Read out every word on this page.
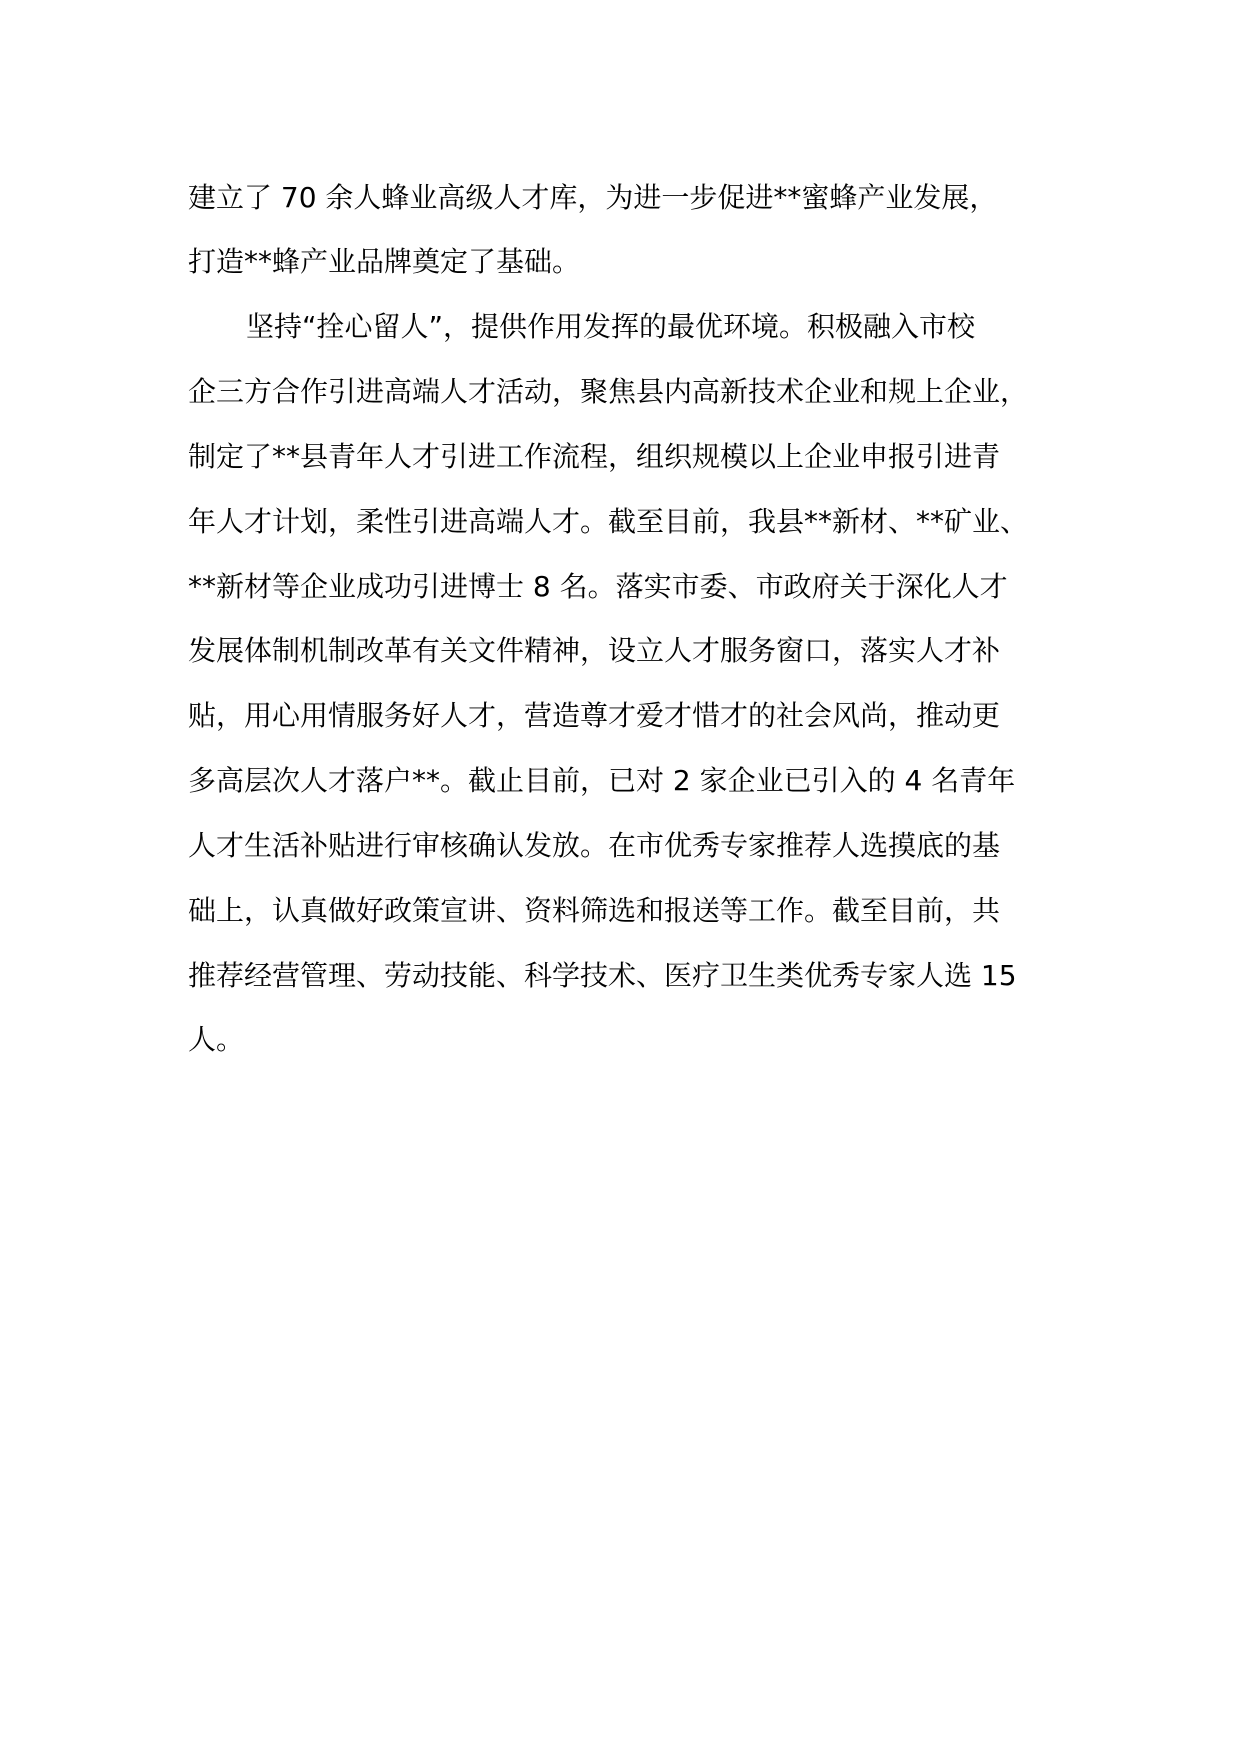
建立了 70 余人蜂业高级人才库，为进一步促进**蜜蜂产业发展，
打造**蜂产业品牌奠定了基础。
坚持“拴心留人”，提供作用发挥的最优环境。积极融入市校
企三方合作引进高端人才活动，聚焦县内高新技术企业和规上企业，
制定了**县青年人才引进工作流程，组织规模以上企业申报引进青
年人才计划，柔性引进高端人才。截至目前，我县**新材、**矿业、
**新材等企业成功引进博士 8 名。落实市委、市政府关于深化人才
发展体制机制改革有关文件精神，设立人才服务窗口，落实人才补
贴，用心用情服务好人才，营造尊才爱才惜才的社会风尚，推动更
多高层次人才落户**。截止目前，已对 2 家企业已引入的 4 名青年
人才生活补贴进行审核确认发放。在市优秀专家推荐人选摸底的基
础上，认真做好政策宣讲、资料筛选和报送等工作。截至目前，共
推荐经营管理、劳动技能、科学技术、医疗卫生类优秀专家人选 15
人。
